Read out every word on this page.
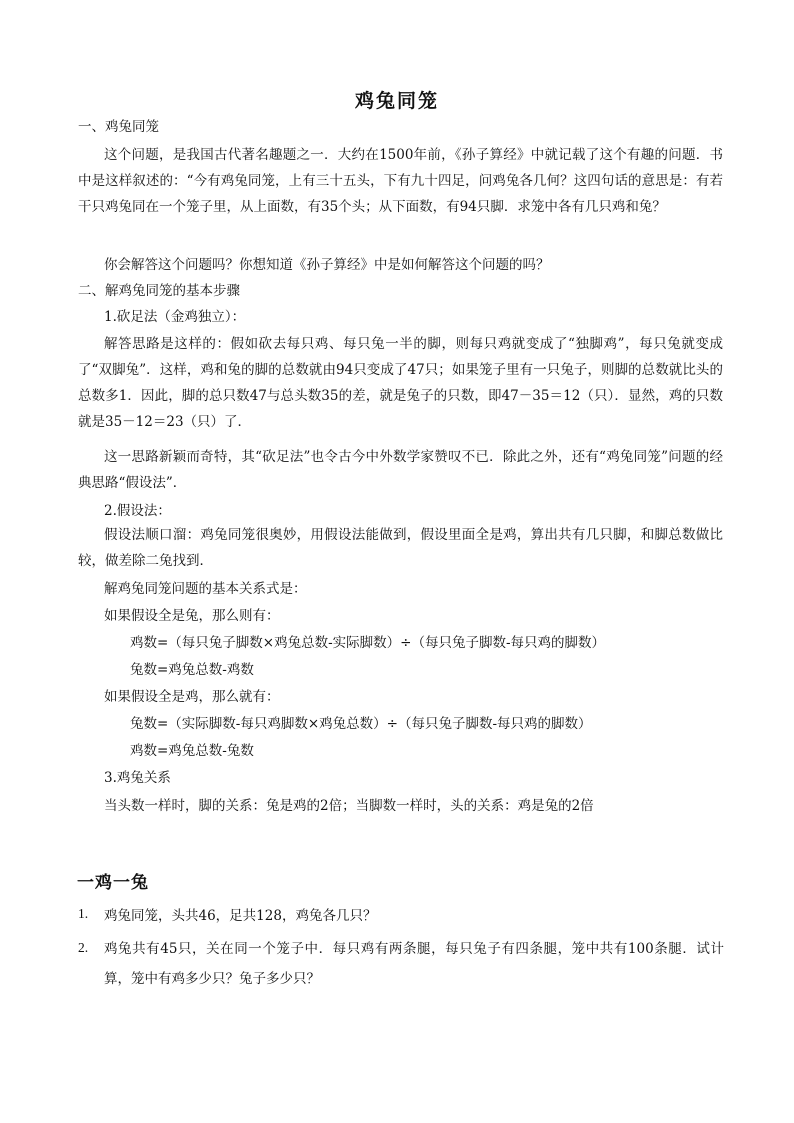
鸡兔同笼
一、鸡兔同笼
这个问题，是我国古代著名趣题之一．大约在1500年前，《孙子算经》中就记载了这个有趣的问题．书中是这样叙述的：“今有鸡兔同笼，上有三十五头，下有九十四足，问鸡兔各几何？这四句话的意思是：有若干只鸡兔同在一个笼子里，从上面数，有35个头；从下面数，有94只脚．求笼中各有几只鸡和兔？
你会解答这个问题吗？你想知道《孙子算经》中是如何解答这个问题的吗？
二、解鸡兔同笼的基本步骤
1.砍足法（金鸡独立）：
解答思路是这样的：假如砍去每只鸡、每只兔一半的脚，则每只鸡就变成了“独脚鸡”，每只兔就变成了“双脚兔”．这样，鸡和兔的脚的总数就由94只变成了47只；如果笼子里有一只兔子，则脚的总数就比头的总数多1．因此，脚的总只数47与总头数35的差，就是兔子的只数，即47－35＝12（只）．显然，鸡的只数就是35－12＝23（只）了．
这一思路新颖而奇特，其“砍足法”也令古今中外数学家赞叹不已．除此之外，还有“鸡兔同笼”问题的经典思路“假设法”．
2.假设法：
假设法顺口溜：鸡兔同笼很奥妙，用假设法能做到，假设里面全是鸡，算出共有几只脚，和脚总数做比较，做差除二兔找到．
解鸡兔同笼问题的基本关系式是：
如果假设全是兔，那么则有：
鸡数=（每只兔子脚数×鸡兔总数-实际脚数）÷（每只兔子脚数-每只鸡的脚数）
兔数=鸡兔总数-鸡数
如果假设全是鸡，那么就有：
兔数=（实际脚数-每只鸡脚数×鸡兔总数）÷（每只兔子脚数-每只鸡的脚数）
鸡数=鸡兔总数-兔数
3.鸡兔关系
当头数一样时，脚的关系：兔是鸡的2倍；当脚数一样时，头的关系：鸡是兔的2倍
一鸡一兔
1. 鸡兔同笼，头共46，足共128，鸡兔各几只？
2. 鸡兔共有45只，关在同一个笼子中．每只鸡有两条腿，每只兔子有四条腿，笼中共有100条腿．试计算，笼中有鸡多少只？兔子多少只？
